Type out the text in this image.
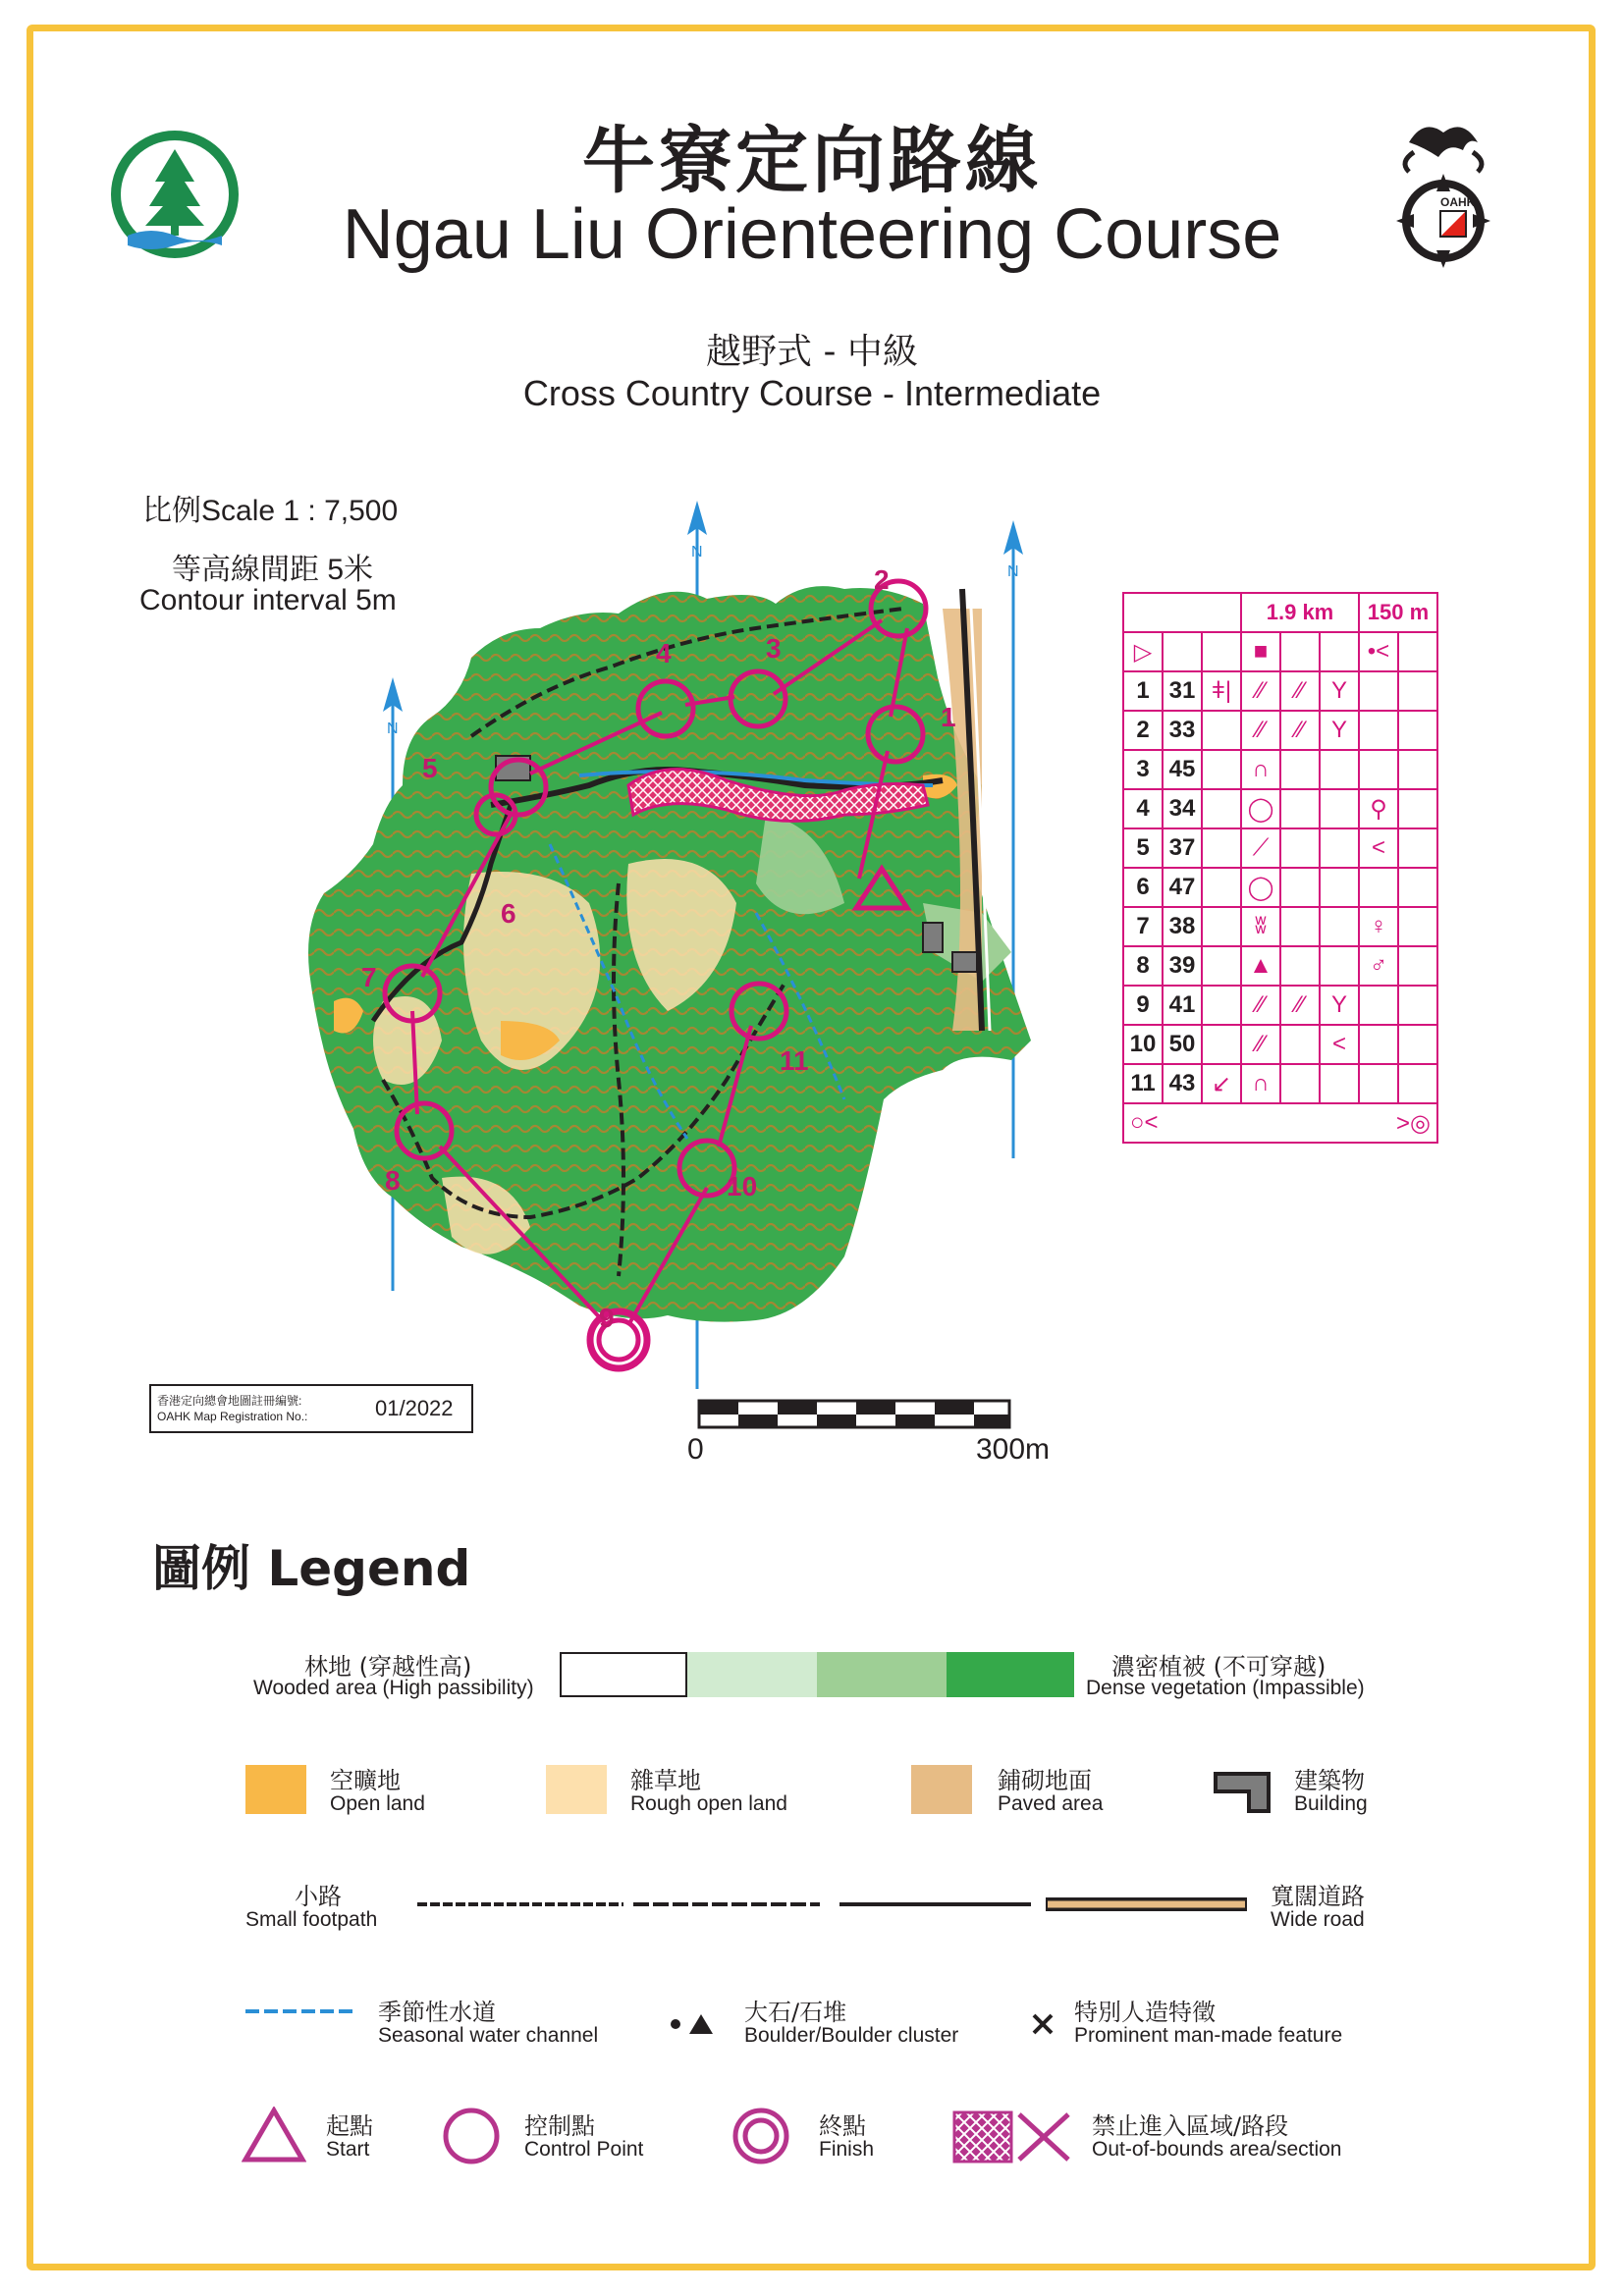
OAHK
牛寮定向路線
Ngau Liu Orienteering Course
越野式 - 中級
Cross Country Course - Intermediate
比例Scale 1 : 7,500
等高線間距 5米
Contour interval 5m
N
N
N
1
2
3
4
5
6
7
8
9
10
11
			1.9 km			150 m	
▷			■			•<	
1	31	ǂ|	⁄⁄	⁄⁄	Y		
2	33		⁄⁄	⁄⁄	Y		
3	45		∩				
4	34		◯			⚲	
5	37		⟋			<	
6	47		◯				
7	38		ʬ			♀	
8	39		▲			♂	
9	41		⁄⁄	⁄⁄	Y		
10	50		⁄⁄		<		
11	43	↙	∩				

○< >◎							
香港定向總會地圖註冊編號:
OAHK Map Registration No.:	01/2022
0	300m
圖例 Legend
林地 (穿越性高)
Wooded area (High passibility)
濃密植被 (不可穿越)
Dense vegetation (Impassible)
空曠地
Open land
雜草地
Rough open land
鋪砌地面
Paved area
建築物
Building
小路
Small footpath
寬闊道路
Wide road
季節性水道
Seasonal water channel
大石/石堆
Boulder/Boulder cluster
特別人造特徵
Prominent man-made feature
起點
Start
控制點
Control Point
終點
Finish
禁止進入區域/路段
Out-of-bounds area/section
